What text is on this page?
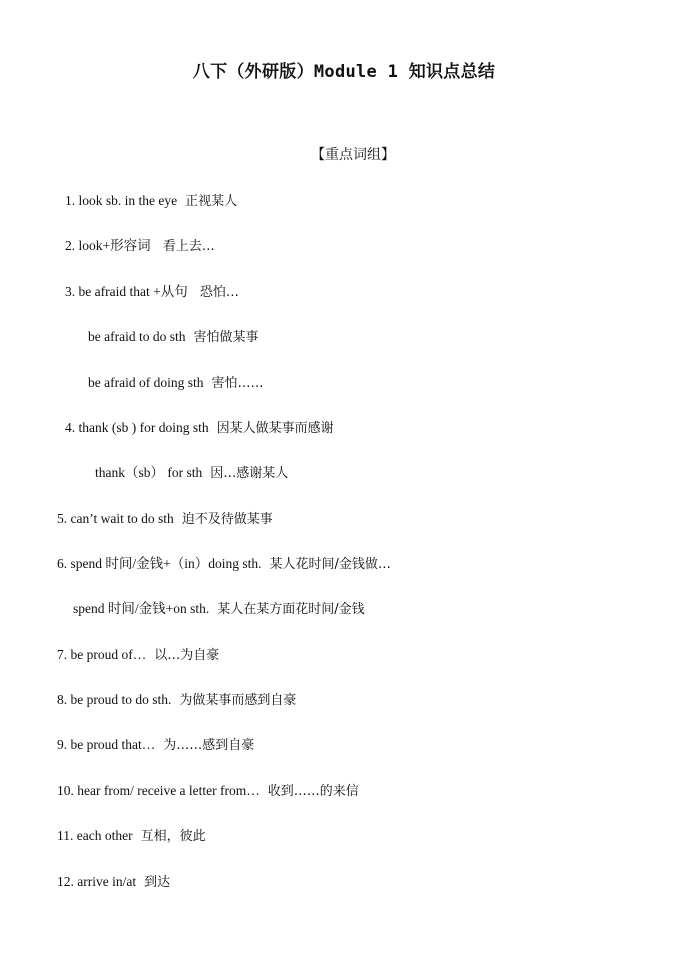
八下（外研版）Module 1 知识点总结
【重点词组】
1. look sb. in the eye 正视某人
2. look+形容词 看上去…
3. be afraid that +从句 恐怕…
be afraid to do sth 害怕做某事
be afraid of doing sth 害怕……
4. thank (sb ) for doing sth 因某人做某事而感谢
thank（sb） for sth 因…感谢某人
5. can’t wait to do sth 迫不及待做某事
6. spend 时间/金钱+（in）doing sth. 某人花时间/金钱做…
spend 时间/金钱+on sth. 某人在某方面花时间/金钱
7. be proud of… 以…为自豪
8. be proud to do sth. 为做某事而感到自豪
9. be proud that… 为……感到自豪
10. hear from/ receive a letter from… 收到……的来信
11. each other 互相，彼此
12. arrive in/at 到达
